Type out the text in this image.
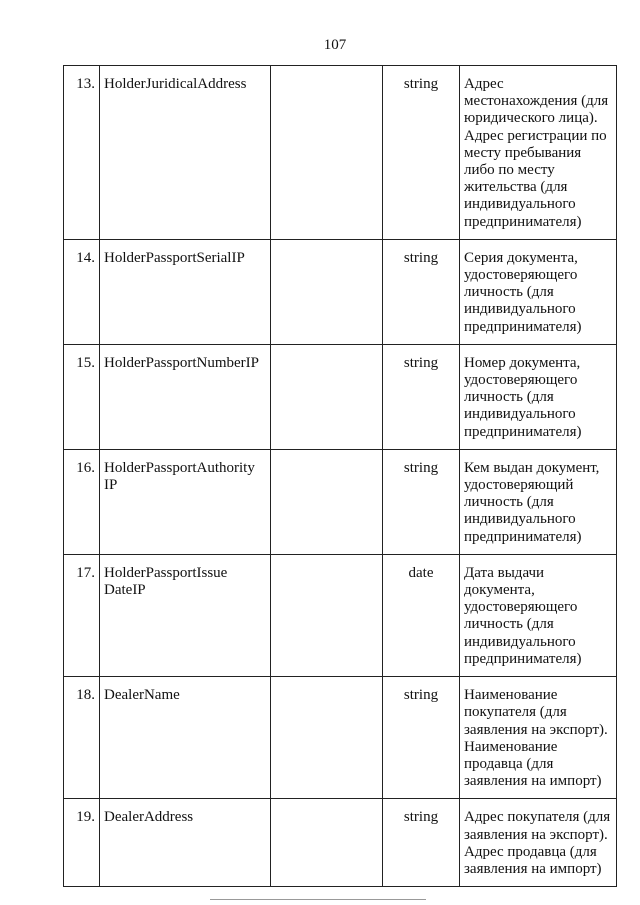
107
13.	HolderJuridicalAddress		string	Адрес местонахождения (для юридического лица). Адрес регистрации по месту пребывания либо по месту жительства (для индивидуального предпринимателя)
14.	HolderPassportSerialIP		string	Серия документа, удостоверяющего личность (для индивидуального предпринимателя)
15.	HolderPassportNumberIP		string	Номер документа, удостоверяющего личность (для индивидуального предпринимателя)
16.	HolderPassportAuthority IP		string	Кем выдан документ, удостоверяющий личность (для индивидуального предпринимателя)
17.	HolderPassportIssue DateIP		date	Дата выдачи документа, удостоверяющего личность (для индивидуального предпринимателя)
18.	DealerName		string	Наименование покупателя (для заявления на экспорт). Наименование продавца (для заявления на импорт)
19.	DealerAddress		string	Адрес покупателя (для заявления на экспорт). Адрес продавца (для заявления на импорт)
